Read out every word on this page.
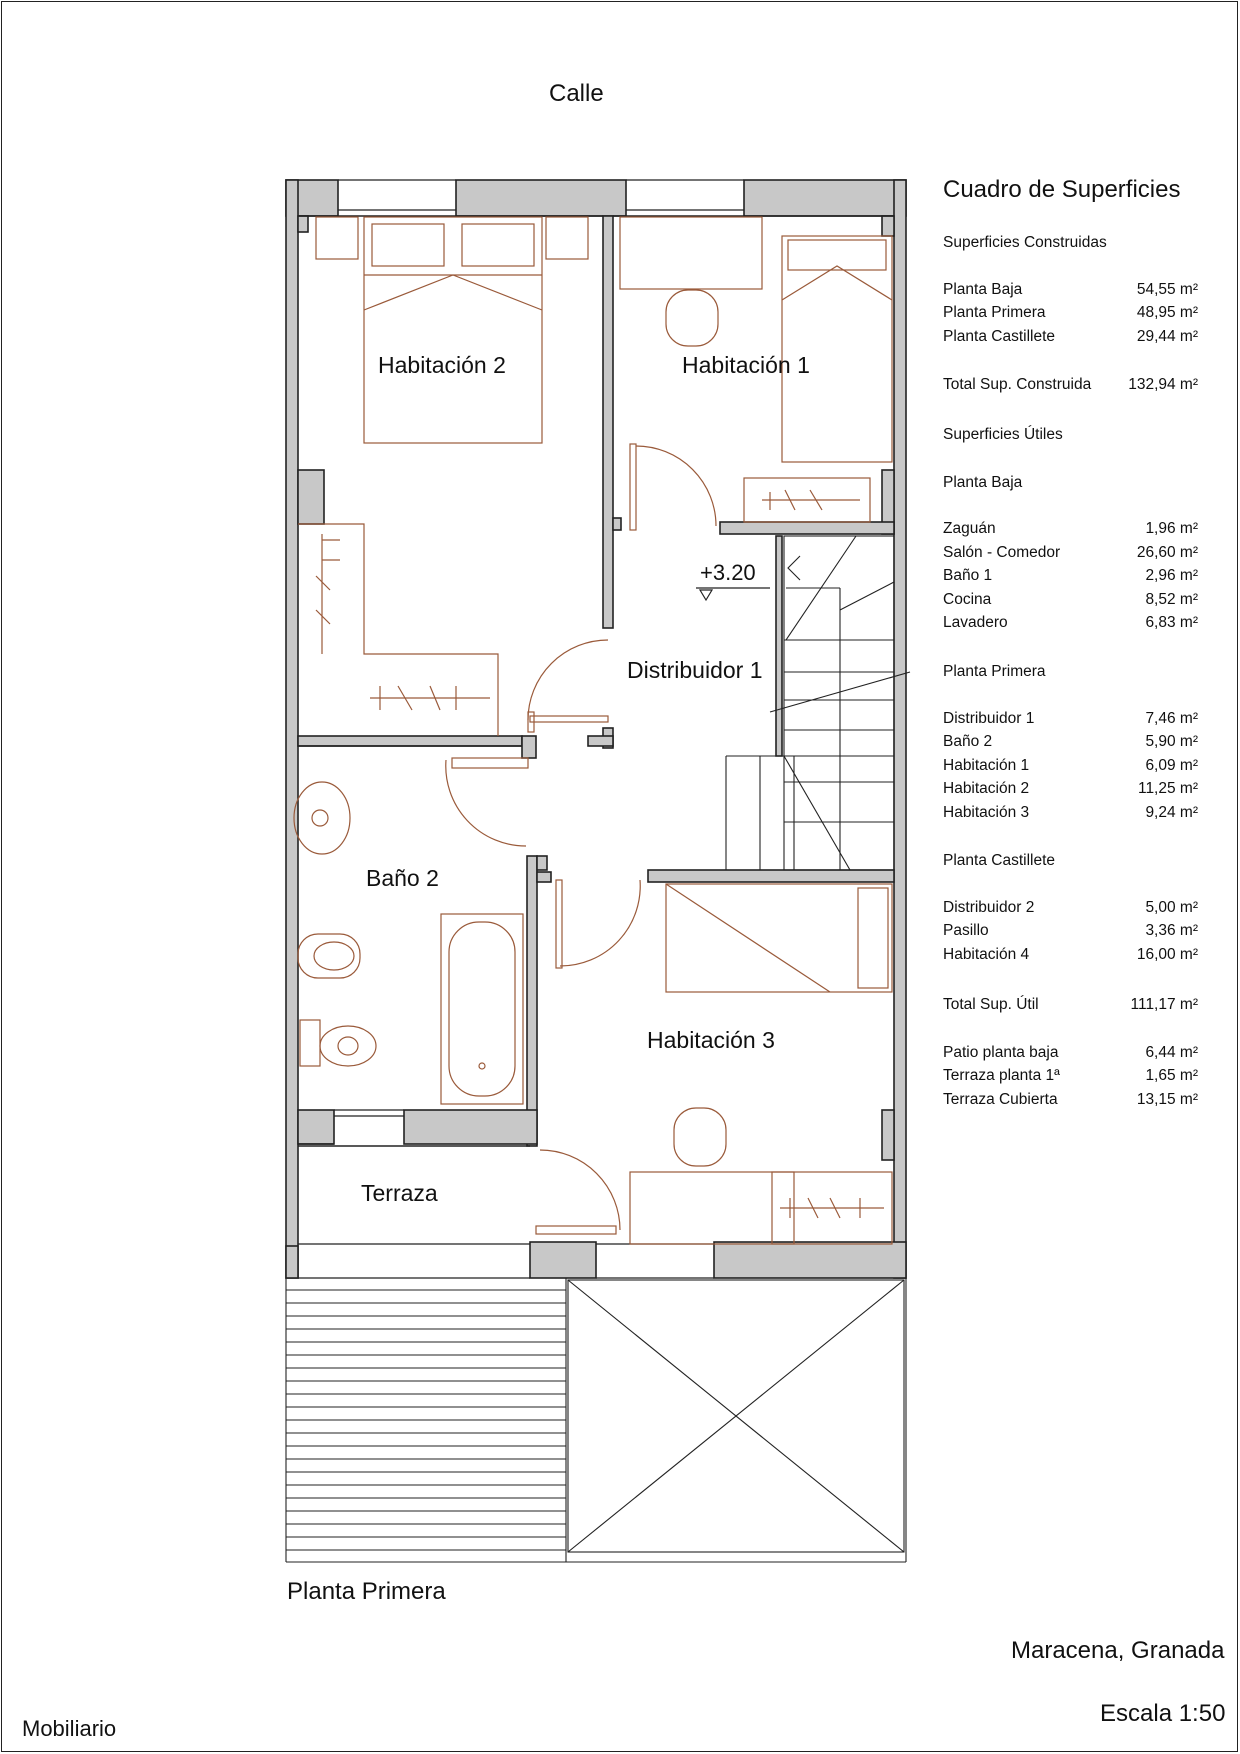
Calle
Habitación 2	Habitación 1
+3.20
Distribuidor 1
Baño 2
Habitación 3
Terraza
Planta Primera
Maracena, Granada
Escala 1:50
Mobiliario
Cuadro de Superficies
Superficies Construidas
Planta Baja	54,55 m²
Planta Primera	48,95 m²
Planta Castillete	29,44 m²
Total Sup. Construida 132,94 m²
Superficies Útiles
Planta Baja
Zaguán	1,96 m²
Salón - Comedor	26,60 m²
Baño 1	2,96 m²
Cocina	8,52 m²
Lavadero	6,83 m²
Planta Primera
Distribuidor 1	7,46 m²
Baño 2	5,90 m²
Habitación 1	6,09 m²
Habitación 2	11,25 m²
Habitación 3	9,24 m²
Planta Castillete
Distribuidor 2	5,00 m²
Pasillo	3,36 m²
Habitación 4	16,00 m²
Total Sup. Útil	111,17 m²
Patio planta baja	6,44 m²
Terraza planta 1ª	1,65 m²
Terraza Cubierta	13,15 m²
